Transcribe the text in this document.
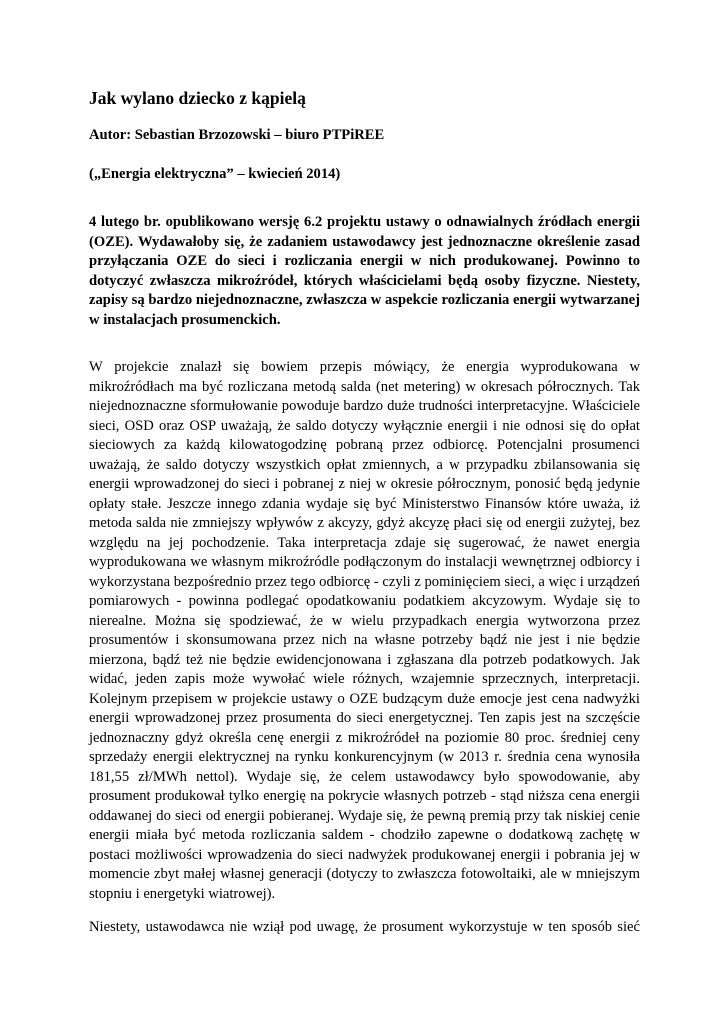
Jak wylano dziecko z kąpielą

Autor: Sebastian Brzozowski – biuro PTPiREE

(„Energia elektryczna” – kwiecień 2014)

4 lutego br. opublikowano wersję 6.2 projektu ustawy o odnawialnych źródłach energii
(OZE). Wydawałoby się, że zadaniem ustawodawcy jest jednoznaczne określenie zasad
przyłączania OZE do sieci i rozliczania energii w nich produkowanej. Powinno to
dotyczyć zwłaszcza mikroźródeł, których właścicielami będą osoby fizyczne. Niestety,
zapisy są bardzo niejednoznaczne, zwłaszcza w aspekcie rozliczania energii wytwarzanej
w instalacjach prosumenckich.
W projekcie znalazł się bowiem przepis mówiący, że energia wyprodukowana w
mikroźródłach ma być rozliczana metodą salda (net metering) w okresach półrocznych. Tak
niejednoznaczne sformułowanie powoduje bardzo duże trudności interpretacyjne. Właściciele
sieci, OSD oraz OSP uważają, że saldo dotyczy wyłącznie energii i nie odnosi się do opłat
sieciowych za każdą kilowatogodzinę pobraną przez odbiorcę. Potencjalni prosumenci
uważają, że saldo dotyczy wszystkich opłat zmiennych, a w przypadku zbilansowania się
energii wprowadzonej do sieci i pobranej z niej w okresie półrocznym, ponosić będą jedynie
opłaty stałe. Jeszcze innego zdania wydaje się być Ministerstwo Finansów które uważa, iż
metoda salda nie zmniejszy wpływów z akcyzy, gdyż akcyzę płaci się od energii zużytej, bez
względu na jej pochodzenie. Taka interpretacja zdaje się sugerować, że nawet energia
wyprodukowana we własnym mikroźródle podłączonym do instalacji wewnętrznej odbiorcy i
wykorzystana bezpośrednio przez tego odbiorcę - czyli z pominięciem sieci, a więc i urządzeń
pomiarowych - powinna podlegać opodatkowaniu podatkiem akcyzowym. Wydaje się to
nierealne. Można się spodziewać, że w wielu przypadkach energia wytworzona przez
prosumentów i skonsumowana przez nich na własne potrzeby bądź nie jest i nie będzie
mierzona, bądź też nie będzie ewidencjonowana i zgłaszana dla potrzeb podatkowych. Jak
widać, jeden zapis może wywołać wiele różnych, wzajemnie sprzecznych, interpretacji.
Kolejnym przepisem w projekcie ustawy o OZE budzącym duże emocje jest cena nadwyżki
energii wprowadzonej przez prosumenta do sieci energetycznej. Ten zapis jest na szczęście
jednoznaczny gdyż określa cenę energii z mikroźródeł na poziomie 80 proc. średniej ceny
sprzedaży energii elektrycznej na rynku konkurencyjnym (w 2013 r. średnia cena wynosiła
181,55 zł/MWh nettol). Wydaje się, że celem ustawodawcy było spowodowanie, aby
prosument produkował tylko energię na pokrycie własnych potrzeb - stąd niższa cena energii
oddawanej do sieci od energii pobieranej. Wydaje się, że pewną premią przy tak niskiej cenie
energii miała być metoda rozliczania saldem - chodziło zapewne o dodatkową zachętę w
postaci możliwości wprowadzenia do sieci nadwyżek produkowanej energii i pobrania jej w
momencie zbyt małej własnej generacji (dotyczy to zwłaszcza fotowoltaiki, ale w mniejszym
stopniu i energetyki wiatrowej).
Niestety, ustawodawca nie wziął pod uwagę, że prosument wykorzystuje w ten sposób sieć
